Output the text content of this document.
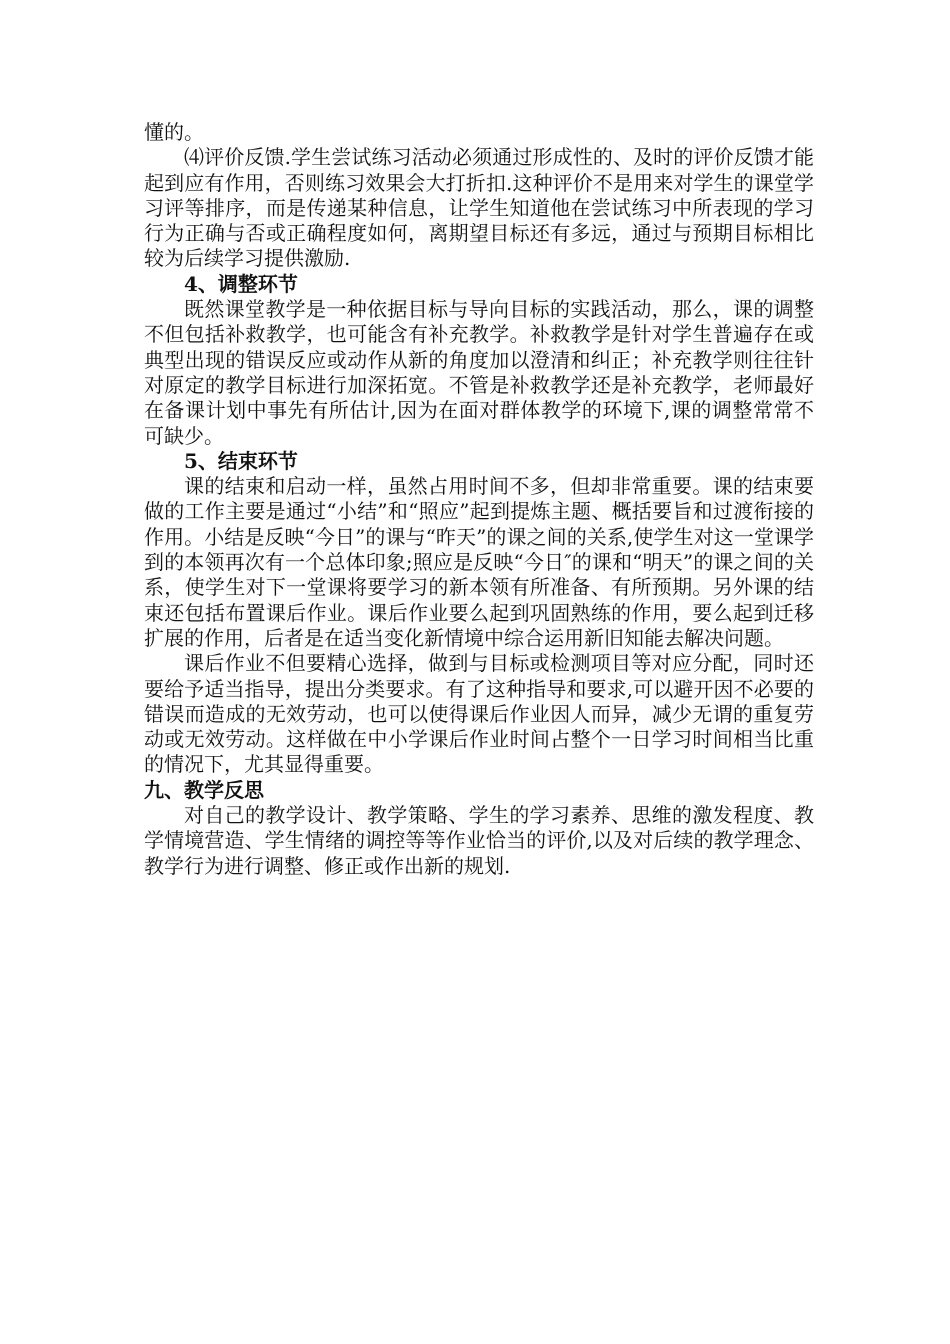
懂的。

⑷评价反馈.学生尝试练习活动必须通过形成性的、及时的评价反馈才能起到应有作用，否则练习效果会大打折扣.这种评价不是用来对学生的课堂学习评等排序，而是传递某种信息，让学生知道他在尝试练习中所表现的学习行为正确与否或正确程度如何，离期望目标还有多远，通过与预期目标相比较为后续学习提供激励.

4、调整环节

既然课堂教学是一种依据目标与导向目标的实践活动，那么，课的调整不但包括补救教学，也可能含有补充教学。补救教学是针对学生普遍存在或典型出现的错误反应或动作从新的角度加以澄清和纠正；补充教学则往往针对原定的教学目标进行加深拓宽。不管是补救教学还是补充教学，老师最好在备课计划中事先有所估计,因为在面对群体教学的环境下,课的调整常常不可缺少。

5、结束环节

课的结束和启动一样，虽然占用时间不多，但却非常重要。课的结束要做的工作主要是通过“小结”和“照应”起到提炼主题、概括要旨和过渡衔接的作用。小结是反映“今日”的课与“昨天”的课之间的关系,使学生对这一堂课学到的本领再次有一个总体印象;照应是反映“今日″的课和“明天”的课之间的关系，使学生对下一堂课将要学习的新本领有所准备、有所预期。另外课的结束还包括布置课后作业。课后作业要么起到巩固熟练的作用，要么起到迁移扩展的作用，后者是在适当变化新情境中综合运用新旧知能去解决问题。

课后作业不但要精心选择，做到与目标或检测项目等对应分配，同时还要给予适当指导，提出分类要求。有了这种指导和要求,可以避开因不必要的错误而造成的无效劳动，也可以使得课后作业因人而异，减少无谓的重复劳动或无效劳动。这样做在中小学课后作业时间占整个一日学习时间相当比重的情况下，尤其显得重要。

九、教学反思

对自己的教学设计、教学策略、学生的学习素养、思维的激发程度、教学情境营造、学生情绪的调控等等作业恰当的评价,以及对后续的教学理念、教学行为进行调整、修正或作出新的规划.
